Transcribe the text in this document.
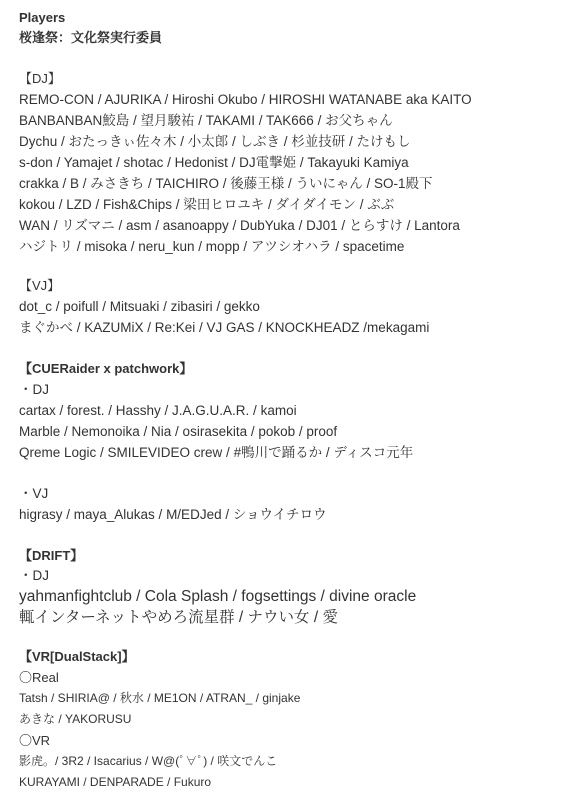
Players
桜逢祭：文化祭実行委員
【DJ】
REMO-CON / AJURIKA / Hiroshi Okubo / HIROSHI WATANABE aka KAITO
BANBANBAN鮫島 / 望月駿祐 / TAKAMI / TAK666 / お父ちゃん
Dychu / おたっきぃ佐々木 / 小太郎 / しぶき / 杉並技研 / たけもし
s-don / Yamajet / shotac / Hedonist / DJ電撃姫 / Takayuki Kamiya
crakka / B / みさきち / TAICHIRO / 後藤王様 / ういにゃん / SO-1殿下
kokou / LZD / Fish&Chips / 梁田ヒロユキ / ダイダイモン / ぶぶ
WAN / リズマニ / asm / asanoappy / DubYuka / DJ01 / とらすけ / Lantora
ハジトリ / misoka / neru_kun / mopp / アツシオハラ / spacetime
【VJ】
dot_c / poifull / Mitsuaki / zibasiri / gekko
まぐかべ / KAZUMiX / Re:Kei / VJ GAS / KNOCKHEADZ /mekagami
【CUERaider x patchwork】
・DJ
cartax / forest. / Hasshy / J.A.G.U.A.R. / kamoi
Marble / Nemonoika / Nia / osirasekita / pokob / proof
Qreme Logic / SMILEVIDEO crew / #鴨川で踊るか / ディスコ元年
・VJ
higrasy / maya_Alukas / M/EDJed / ショウイチロウ
【DRIFT】
・DJ
yahmanfightclub / Cola Splash / fogsettings / divine oracle
輒インターネットやめろ流星群 / ナウい女 / 愛
【VR[DualStack]】
〇Real
Tatsh / SHIRIA@ / 秋水 / ME1ON / ATRAN_ / ginjake
あきな / YAKORUSU
〇VR
影虎。/ 3R2 / Isacarius / W@(ﾟ∀ﾟ) / 咲文でんこ
KURAYAMI / DENPARADE / Fukuro
